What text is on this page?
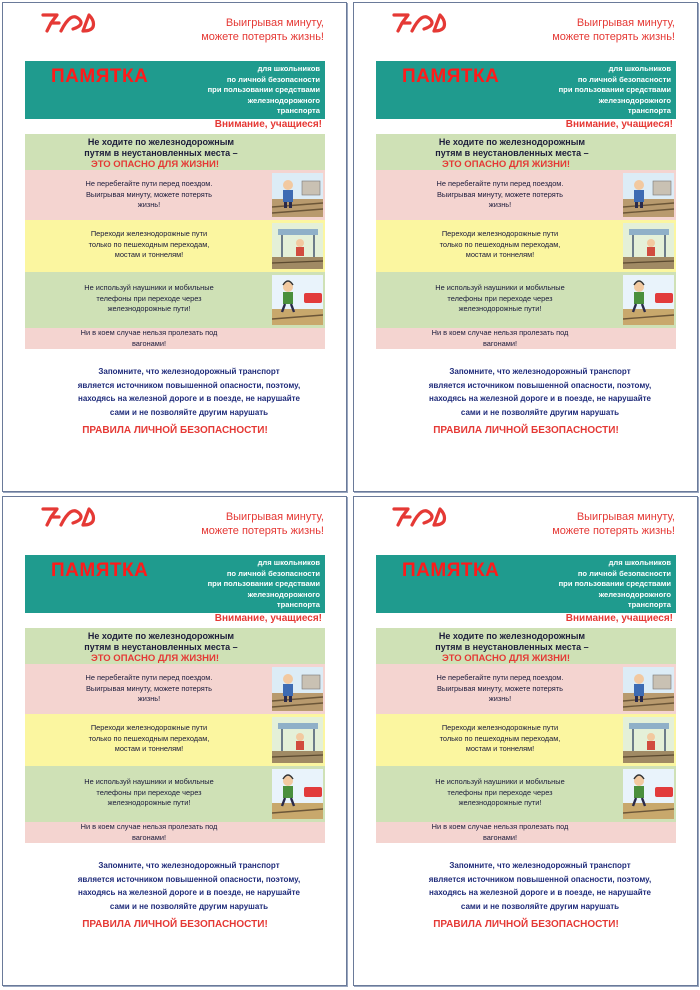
Выигрывая минуту,
можете потерять жизнь!
ПАМЯТКА	для школьников
по личной безопасности
при пользовании средствами
железнодорожного
транспорта
Внимание, учащиеся!
Не ходите по железнодорожным
путям в неустановленных места –
ЭТО ОПАСНО ДЛЯ ЖИЗНИ!
Не перебегайте пути перед поездом.
Выигрывая минуту, можете потерять
жизнь!
Переходи железнодорожные пути
только по пешеходным переходам,
мостам и тоннелям!
Не используй наушники и мобильные
телефоны при переходе через
железнодорожные пути!
Ни в коем случае нельзя пролезать под
вагонами!
Запомните, что железнодорожный транспорт
является источником повышенной опасности, поэтому,
находясь на железной дороге и в поезде, не нарушайте
сами и не позволяйте другим нарушать
ПРАВИЛА ЛИЧНОЙ БЕЗОПАСНОСТИ!
Выигрывая минуту,
можете потерять жизнь!
ПАМЯТКА	для школьников
по личной безопасности
при пользовании средствами
железнодорожного
транспорта
Внимание, учащиеся!
Не ходите по железнодорожным
путям в неустановленных места –
ЭТО ОПАСНО ДЛЯ ЖИЗНИ!
Не перебегайте пути перед поездом.
Выигрывая минуту, можете потерять
жизнь!
Переходи железнодорожные пути
только по пешеходным переходам,
мостам и тоннелям!
Не используй наушники и мобильные
телефоны при переходе через
железнодорожные пути!
Ни в коем случае нельзя пролезать под
вагонами!
Запомните, что железнодорожный транспорт
является источником повышенной опасности, поэтому,
находясь на железной дороге и в поезде, не нарушайте
сами и не позволяйте другим нарушать
ПРАВИЛА ЛИЧНОЙ БЕЗОПАСНОСТИ!
Выигрывая минуту,
можете потерять жизнь!
ПАМЯТКА	для школьников
по личной безопасности
при пользовании средствами
железнодорожного
транспорта
Внимание, учащиеся!
Не ходите по железнодорожным
путям в неустановленных места –
ЭТО ОПАСНО ДЛЯ ЖИЗНИ!
Не перебегайте пути перед поездом.
Выигрывая минуту, можете потерять
жизнь!
Переходи железнодорожные пути
только по пешеходным переходам,
мостам и тоннелям!
Не используй наушники и мобильные
телефоны при переходе через
железнодорожные пути!
Ни в коем случае нельзя пролезать под
вагонами!
Запомните, что железнодорожный транспорт
является источником повышенной опасности, поэтому,
находясь на железной дороге и в поезде, не нарушайте
сами и не позволяйте другим нарушать
ПРАВИЛА ЛИЧНОЙ БЕЗОПАСНОСТИ!
Выигрывая минуту,
можете потерять жизнь!
ПАМЯТКА	для школьников
по личной безопасности
при пользовании средствами
железнодорожного
транспорта
Внимание, учащиеся!
Не ходите по железнодорожным
путям в неустановленных места –
ЭТО ОПАСНО ДЛЯ ЖИЗНИ!
Не перебегайте пути перед поездом.
Выигрывая минуту, можете потерять
жизнь!
Переходи железнодорожные пути
только по пешеходным переходам,
мостам и тоннелям!
Не используй наушники и мобильные
телефоны при переходе через
железнодорожные пути!
Ни в коем случае нельзя пролезать под
вагонами!
Запомните, что железнодорожный транспорт
является источником повышенной опасности, поэтому,
находясь на железной дороге и в поезде, не нарушайте
сами и не позволяйте другим нарушать
ПРАВИЛА ЛИЧНОЙ БЕЗОПАСНОСТИ!
